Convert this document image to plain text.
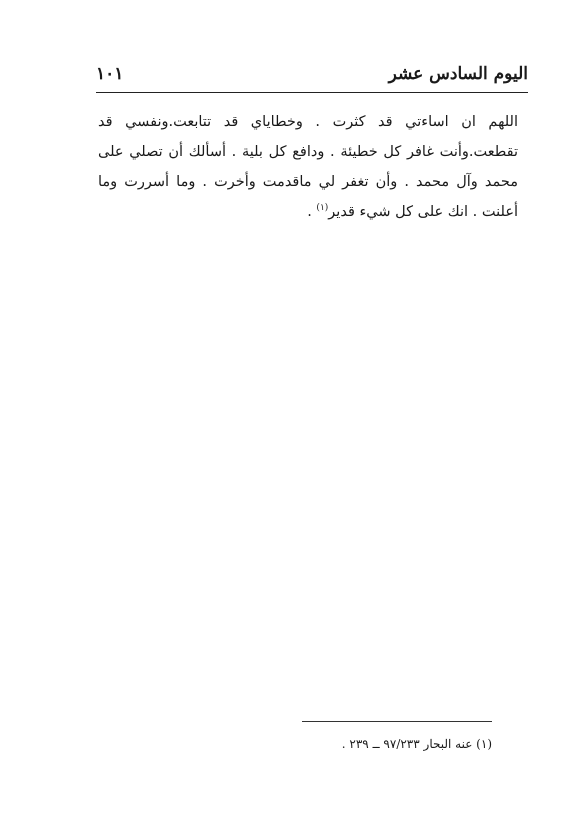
اليوم السادس عشر
١٠١

اللهم ان اساءتي قد كثرت . وخطاياي قد تتابعت.ونفسي قد تقطعت.وأنت غافر كل خطيئة . ودافع كل بلية . أسألك أن تصلي على محمد وآل محمد . وأن تغفر لي ماقدمت وأخرت . وما أسررت وما أعلنت . انك على كل شيء قدير$^{(١)}$ .

(١) عنه البحار ٩٧/٢٣٣ ــ ٢٣٩ .
